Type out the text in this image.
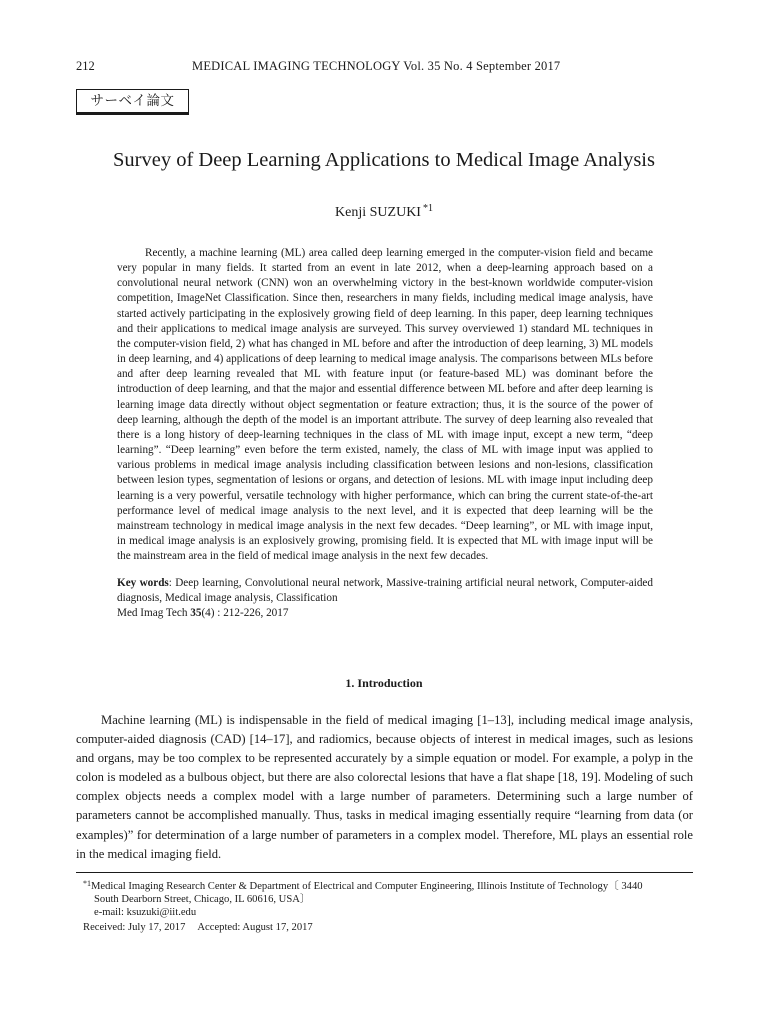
212	MEDICAL IMAGING TECHNOLOGY Vol. 35 No. 4 September 2017
サーベイ論文
Survey of Deep Learning Applications to Medical Image Analysis
Kenji SUZUKI $^{*1}$

Recently, a machine learning (ML) area called deep learning emerged in the computer-vision field and became very popular in many fields. It started from an event in late 2012, when a deep-learning approach based on a convolutional neural network (CNN) won an overwhelming victory in the best-known worldwide computer-vision competition, ImageNet Classification. Since then, researchers in many fields, including medical image analysis, have started actively participating in the explosively growing field of deep learning. In this paper, deep learning techniques and their applications to medical image analysis are surveyed. This survey overviewed 1) standard ML techniques in the computer-vision field, 2) what has changed in ML before and after the introduction of deep learning, 3) ML models in deep learning, and 4) applications of deep learning to medical image analysis. The comparisons between MLs before and after deep learning revealed that ML with feature input (or feature-based ML) was dominant before the introduction of deep learning, and that the major and essential difference between ML before and after deep learning is learning image data directly without object segmentation or feature extraction; thus, it is the source of the power of deep learning, although the depth of the model is an important attribute. The survey of deep learning also revealed that there is a long history of deep-learning techniques in the class of ML with image input, except a new term, “deep learning”. “Deep learning” even before the term existed, namely, the class of ML with image input was applied to various problems in medical image analysis including classification between lesions and non-lesions, classification between lesion types, segmentation of lesions or organs, and detection of lesions. ML with image input including deep learning is a very powerful, versatile technology with higher performance, which can bring the current state-of-the-art performance level of medical image analysis to the next level, and it is expected that deep learning will be the mainstream technology in medical image analysis in the next few decades. “Deep learning”, or ML with image input, in medical image analysis is an explosively growing, promising field. It is expected that ML with image input will be the mainstream area in the field of medical image analysis in the next few decades.

Key words: Deep learning, Convolutional neural network, Massive-training artificial neural network, Computer-aided diagnosis, Medical image analysis, Classification
Med Imag Tech 35(4) : 212-226, 2017
1. Introduction

Machine learning (ML) is indispensable in the field of medical imaging [1–13], including medical image analysis, computer-aided diagnosis (CAD) [14–17], and radiomics, because objects of interest in medical images, such as lesions and organs, may be too complex to be represented accurately by a simple equation or model. For example, a polyp in the colon is modeled as a bulbous object, but there are also colorectal lesions that have a flat shape [18, 19]. Modeling of such complex objects needs a complex model with a large number of parameters. Determining such a large number of parameters cannot be accomplished manually. Thus, tasks in medical imaging essentially require “learning from data (or examples)” for determination of a large number of parameters in a complex model. Therefore, ML plays an essential role in the medical imaging field.

$^{*1}$Medical Imaging Research Center & Department of Electrical and Computer Engineering, Illinois Institute of Technology〔 3440
South Dearborn Street, Chicago, IL 60616, USA〕
e-mail: ksuzuki@iit.edu
Received: July 17, 2017 Accepted: August 17, 2017
